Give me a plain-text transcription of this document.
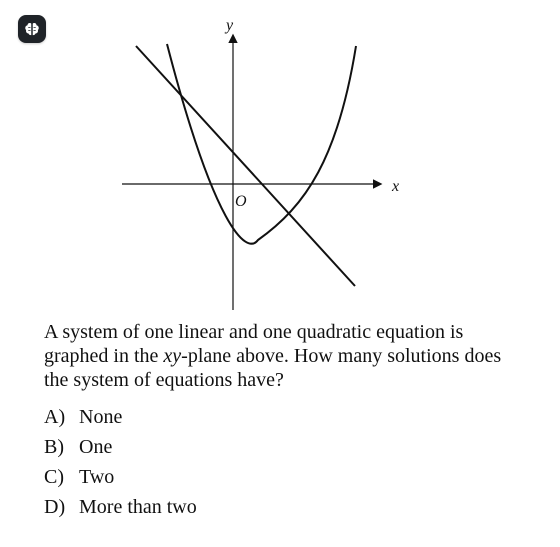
y
x
O

A system of one linear and one quadratic equation is graphed in the xy-plane above. How many solutions does the system of equations have?

A) None
B) One
C) Two
D) More than two
